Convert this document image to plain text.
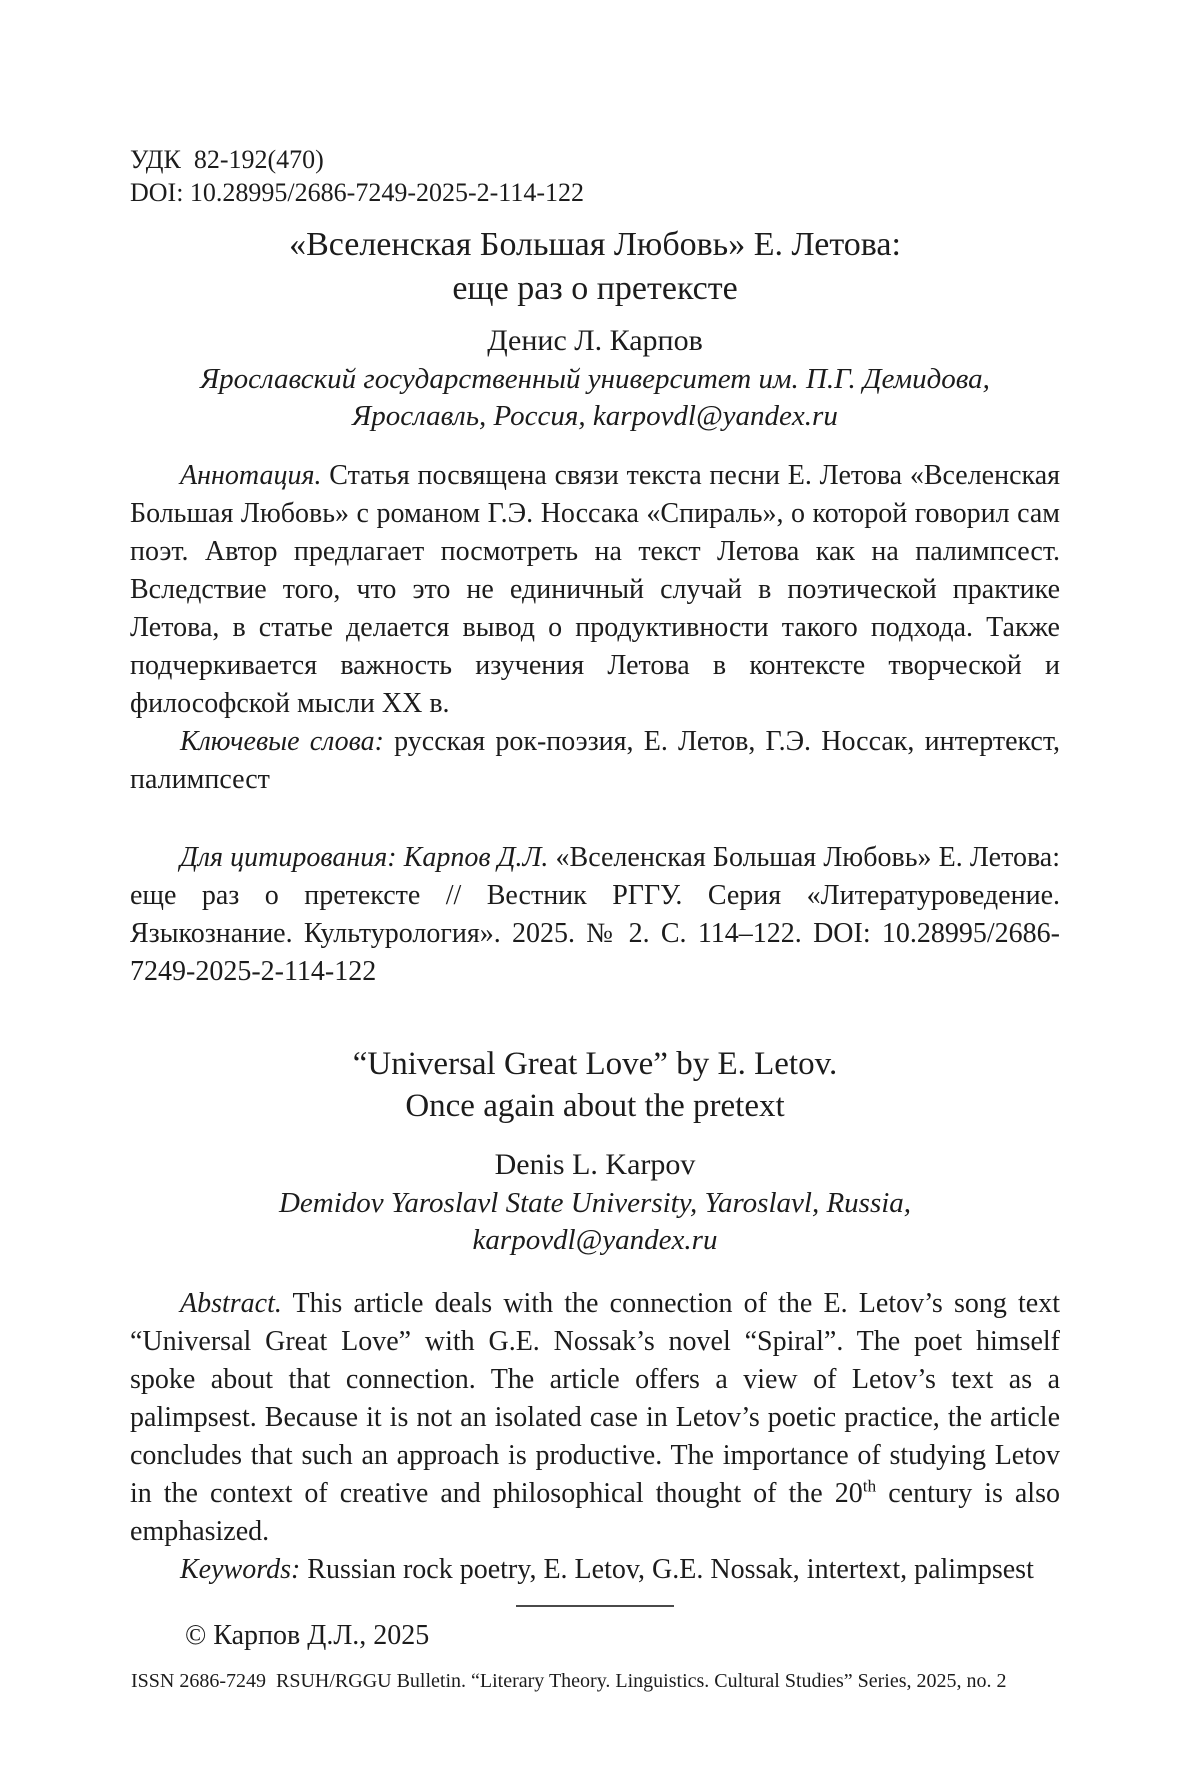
УДК  82-192(470)
DOI: 10.28995/2686-7249-2025-2-114-122
«Вселенская Большая Любовь» Е. Летова:
еще раз о претексте
Денис Л. Карпов
Ярославский государственный университет им. П.Г. Демидова,
Ярославль, Россия, karpovdl@yandex.ru

Аннотация. Статья посвящена связи текста песни Е. Летова «Вселенская Большая Любовь» с романом Г.Э. Носсака «Спираль», о которой говорил сам поэт. Автор предлагает посмотреть на текст Летова как на палимпсест. Вследствие того, что это не единичный случай в поэтической практике Летова, в статье делается вывод о продуктивности такого подхода. Также подчеркивается важность изучения Летова в контексте творческой и философской мысли XX в.

Ключевые слова: русская рок-поэзия, Е. Летов, Г.Э. Носсак, интертекст, палимпсест

Для цитирования: Карпов Д.Л. «Вселенская Большая Любовь» Е. Летова: еще раз о претексте // Вестник РГГУ. Серия «Литературоведение. Языкознание. Культурология». 2025. № 2. С. 114–122. DOI: 10.28995/2686-7249-2025-2-114-122

“Universal Great Love” by E. Letov.
Once again about the pretext
Denis L. Karpov
Demidov Yaroslavl State University, Yaroslavl, Russia,
karpovdl@yandex.ru

Abstract. This article deals with the connection of the E. Letov’s song text “Universal Great Love” with G.E. Nossak’s novel “Spiral”. The poet himself spoke about that connection. The article offers a view of Letov’s text as a palimpsest. Because it is not an isolated case in Letov’s poetic practice, the article concludes that such an approach is productive. The importance of studying Letov in the context of creative and philosophical thought of the 20th century is also emphasized.

Keywords: Russian rock poetry, E. Letov, G.E. Nossak, intertext, palimpsest

© Карпов Д.Л., 2025
ISSN 2686-7249  RSUH/RGGU Bulletin. “Literary Theory. Linguistics. Cultural Studies” Series, 2025, no. 2
